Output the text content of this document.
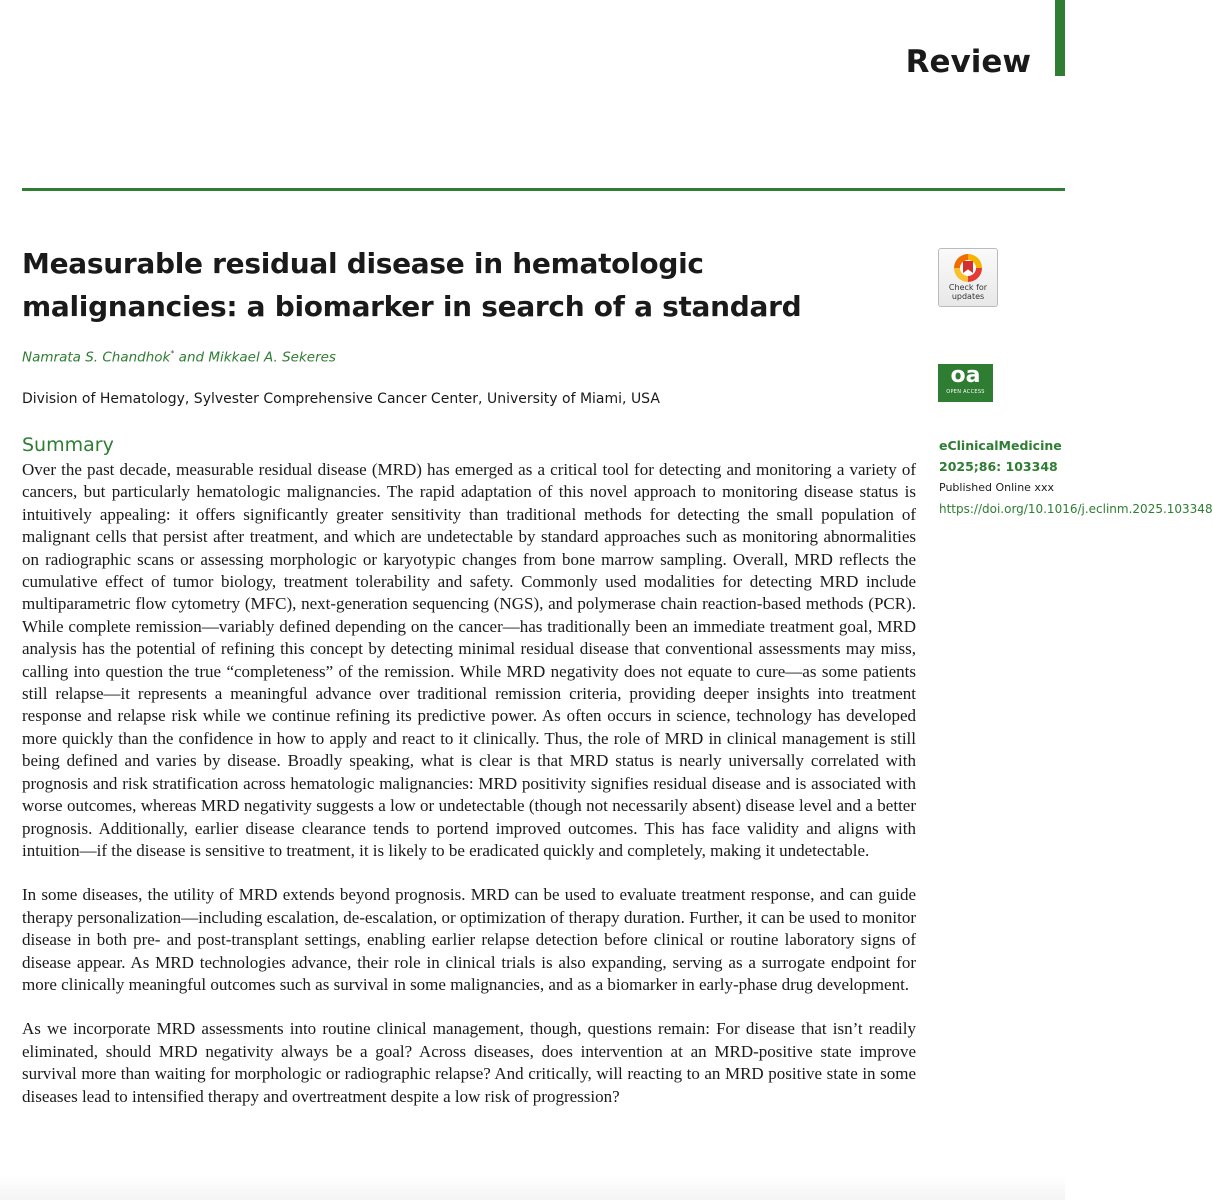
Review
Measurable residual disease in hematologic malignancies: a biomarker in search of a standard
Namrata S. Chandhok* and Mikkael A. Sekeres
Division of Hematology, Sylvester Comprehensive Cancer Center, University of Miami, USA
Summary

Over the past decade, measurable residual disease (MRD) has emerged as a critical tool for detecting and monitoring a variety of cancers, but particularly hematologic malignancies. The rapid adaptation of this novel approach to monitoring disease status is intuitively appealing: it offers significantly greater sensitivity than traditional methods for detecting the small population of malignant cells that persist after treatment, and which are undetectable by standard approaches such as monitoring abnormalities on radiographic scans or assessing morphologic or karyotypic changes from bone marrow sampling. Overall, MRD reflects the cumulative effect of tumor biology, treatment tolerability and safety. Commonly used modalities for detecting MRD include multiparametric flow cytometry (MFC), next-generation sequencing (NGS), and polymerase chain reaction-based methods (PCR). While complete remission—variably defined depending on the cancer—has traditionally been an immediate treatment goal, MRD analysis has the potential of refining this concept by detecting minimal residual disease that conventional assessments may miss, calling into question the true “completeness” of the remission. While MRD negativity does not equate to cure—as some patients still relapse—it represents a meaningful advance over traditional remission criteria, providing deeper insights into treatment response and relapse risk while we continue refining its predictive power. As often occurs in science, technology has developed more quickly than the confidence in how to apply and react to it clinically. Thus, the role of MRD in clinical management is still being defined and varies by disease. Broadly speaking, what is clear is that MRD status is nearly universally correlated with prognosis and risk stratification across hematologic malignancies: MRD positivity signifies residual disease and is associated with worse outcomes, whereas MRD negativity suggests a low or undetectable (though not necessarily absent) disease level and a better prognosis. Additionally, earlier disease clearance tends to portend improved outcomes. This has face validity and aligns with intuition—if the disease is sensitive to treatment, it is likely to be eradicated quickly and completely, making it undetectable.

In some diseases, the utility of MRD extends beyond prognosis. MRD can be used to evaluate treatment response, and can guide therapy personalization—including escalation, de-escalation, or optimization of therapy duration. Further, it can be used to monitor disease in both pre- and post-transplant settings, enabling earlier relapse detection before clinical or routine laboratory signs of disease appear. As MRD technologies advance, their role in clinical trials is also expanding, serving as a surrogate endpoint for more clinically meaningful outcomes such as survival in some malignancies, and as a biomarker in early-phase drug development.

As we incorporate MRD assessments into routine clinical management, though, questions remain: For disease that isn’t readily eliminated, should MRD negativity always be a goal? Across diseases, does intervention at an MRD-positive state improve survival more than waiting for morphologic or radiographic relapse? And critically, will reacting to an MRD positive state in some diseases lead to intensified therapy and overtreatment despite a low risk of progression?

Check for
updates
oa
OPEN ACCESS
eClinicalMedicine
2025;86: 103348
Published Online xxx
https://doi.org/10.1016/j.eclinm.2025.103348
